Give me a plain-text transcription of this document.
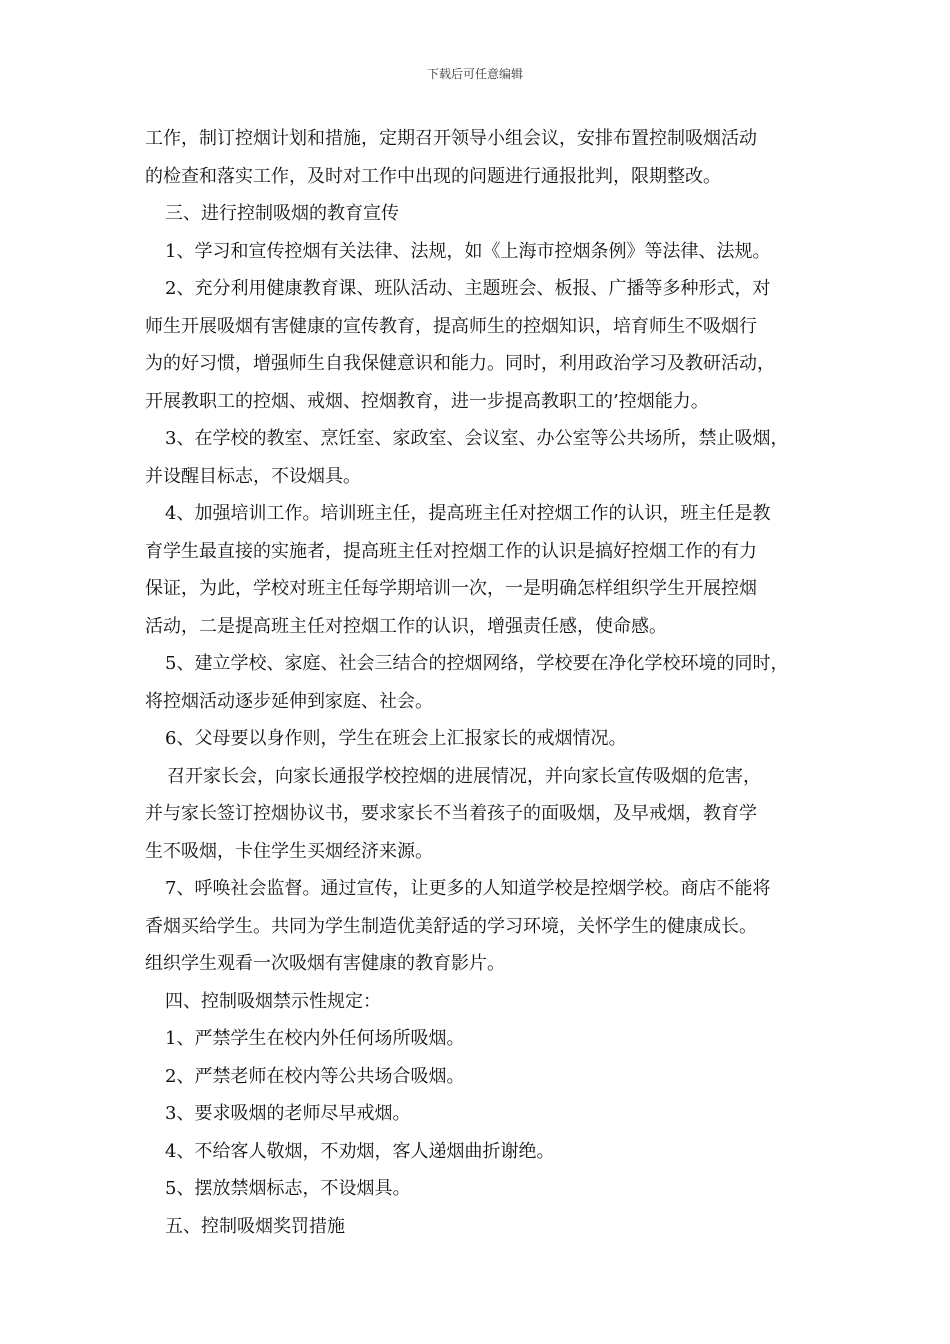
下载后可任意编辑

工作，制订控烟计划和措施，定期召开领导小组会议，安排布置控制吸烟活动

的检查和落实工作，及时对工作中出现的问题进行通报批判，限期整改。

三、进行控制吸烟的教育宣传

1、学习和宣传控烟有关法律、法规，如《上海市控烟条例》等法律、法规。

2、充分利用健康教育课、班队活动、主题班会、板报、广播等多种形式，对

师生开展吸烟有害健康的宣传教育，提高师生的控烟知识，培育师生不吸烟行

为的好习惯，增强师生自我保健意识和能力。同时，利用政治学习及教研活动，

开展教职工的控烟、戒烟、控烟教育，进一步提高教职工的’控烟能力。

3、在学校的教室、烹饪室、家政室、会议室、办公室等公共场所，禁止吸烟，

并设醒目标志，不设烟具。

4、加强培训工作。培训班主任，提高班主任对控烟工作的认识，班主任是教

育学生最直接的实施者，提高班主任对控烟工作的认识是搞好控烟工作的有力

保证，为此，学校对班主任每学期培训一次，一是明确怎样组织学生开展控烟

活动，二是提高班主任对控烟工作的认识，增强责任感，使命感。

5、建立学校、家庭、社会三结合的控烟网络，学校要在净化学校环境的同时，

将控烟活动逐步延伸到家庭、社会。

6、父母要以身作则，学生在班会上汇报家长的戒烟情况。

召开家长会，向家长通报学校控烟的进展情况，并向家长宣传吸烟的危害，

并与家长签订控烟协议书，要求家长不当着孩子的面吸烟，及早戒烟，教育学

生不吸烟，卡住学生买烟经济来源。

7、呼唤社会监督。通过宣传，让更多的人知道学校是控烟学校。商店不能将

香烟买给学生。共同为学生制造优美舒适的学习环境，关怀学生的健康成长。

组织学生观看一次吸烟有害健康的教育影片。

四、控制吸烟禁示性规定：

1、严禁学生在校内外任何场所吸烟。

2、严禁老师在校内等公共场合吸烟。

3、要求吸烟的老师尽早戒烟。

4、不给客人敬烟，不劝烟，客人递烟曲折谢绝。

5、摆放禁烟标志，不设烟具。

五、控制吸烟奖罚措施
